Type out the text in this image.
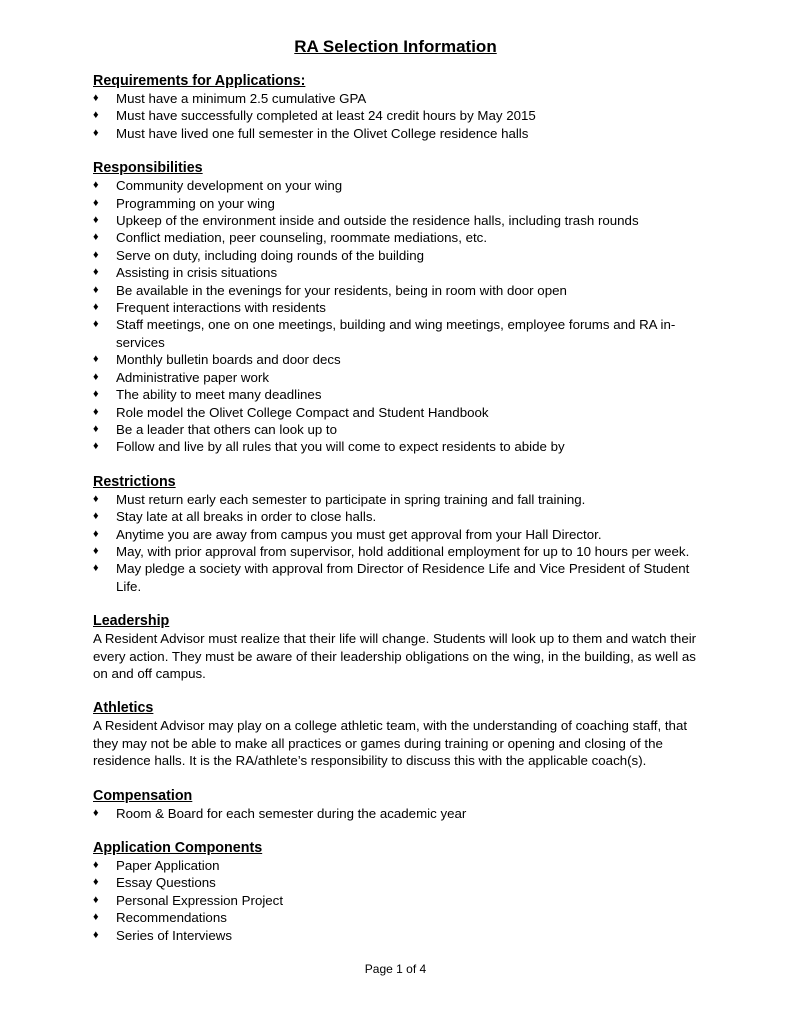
RA Selection Information
Requirements for Applications:
♦ Must have a minimum 2.5 cumulative GPA
♦ Must have successfully completed at least 24 credit hours by May 2015
♦ Must have lived one full semester in the Olivet College residence halls
Responsibilities
♦ Community development on your wing
♦ Programming on your wing
♦ Upkeep of the environment inside and outside the residence halls, including trash rounds
♦ Conflict mediation, peer counseling, roommate mediations, etc.
♦ Serve on duty, including doing rounds of the building
♦ Assisting in crisis situations
♦ Be available in the evenings for your residents, being in room with door open
♦ Frequent interactions with residents
♦ Staff meetings, one on one meetings, building and wing meetings, employee forums and RA in-services
♦ Monthly bulletin boards and door decs
♦ Administrative paper work
♦ The ability to meet many deadlines
♦ Role model the Olivet College Compact and Student Handbook
♦ Be a leader that others can look up to
♦ Follow and live by all rules that you will come to expect residents to abide by
Restrictions
♦ Must return early each semester to participate in spring training and fall training.
♦ Stay late at all breaks in order to close halls.
♦ Anytime you are away from campus you must get approval from your Hall Director.
♦ May, with prior approval from supervisor, hold additional employment for up to 10 hours per week.
♦ May pledge a society with approval from Director of Residence Life and Vice President of Student Life.
Leadership

A Resident Advisor must realize that their life will change. Students will look up to them and watch their every action. They must be aware of their leadership obligations on the wing, in the building, as well as on and off campus.

Athletics

A Resident Advisor may play on a college athletic team, with the understanding of coaching staff, that they may not be able to make all practices or games during training or opening and closing of the residence halls. It is the RA/athlete’s responsibility to discuss this with the applicable coach(s).

Compensation
♦ Room & Board for each semester during the academic year
Application Components
♦ Paper Application
♦ Essay Questions
♦ Personal Expression Project
♦ Recommendations
♦ Series of Interviews
Page 1 of 4
